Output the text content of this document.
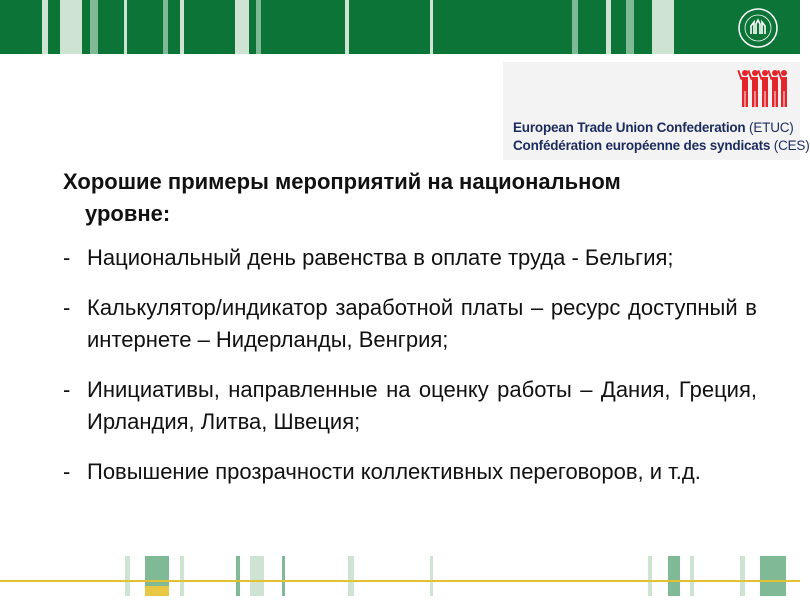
European Trade Union Confederation (ETUC)
Confédération européenne des syndicats (CES)
Хорошие примеры мероприятий на национальном
уровне:
- Национальный день равенства в оплате труда - Бельгия;
- Калькулятор/индикатор заработной платы – ресурс доступный в интернете – Нидерланды, Венгрия;
- Инициативы, направленные на оценку работы – Дания, Греция, Ирландия, Литва, Швеция;
- Повышение прозрачности коллективных переговоров, и т.д.
